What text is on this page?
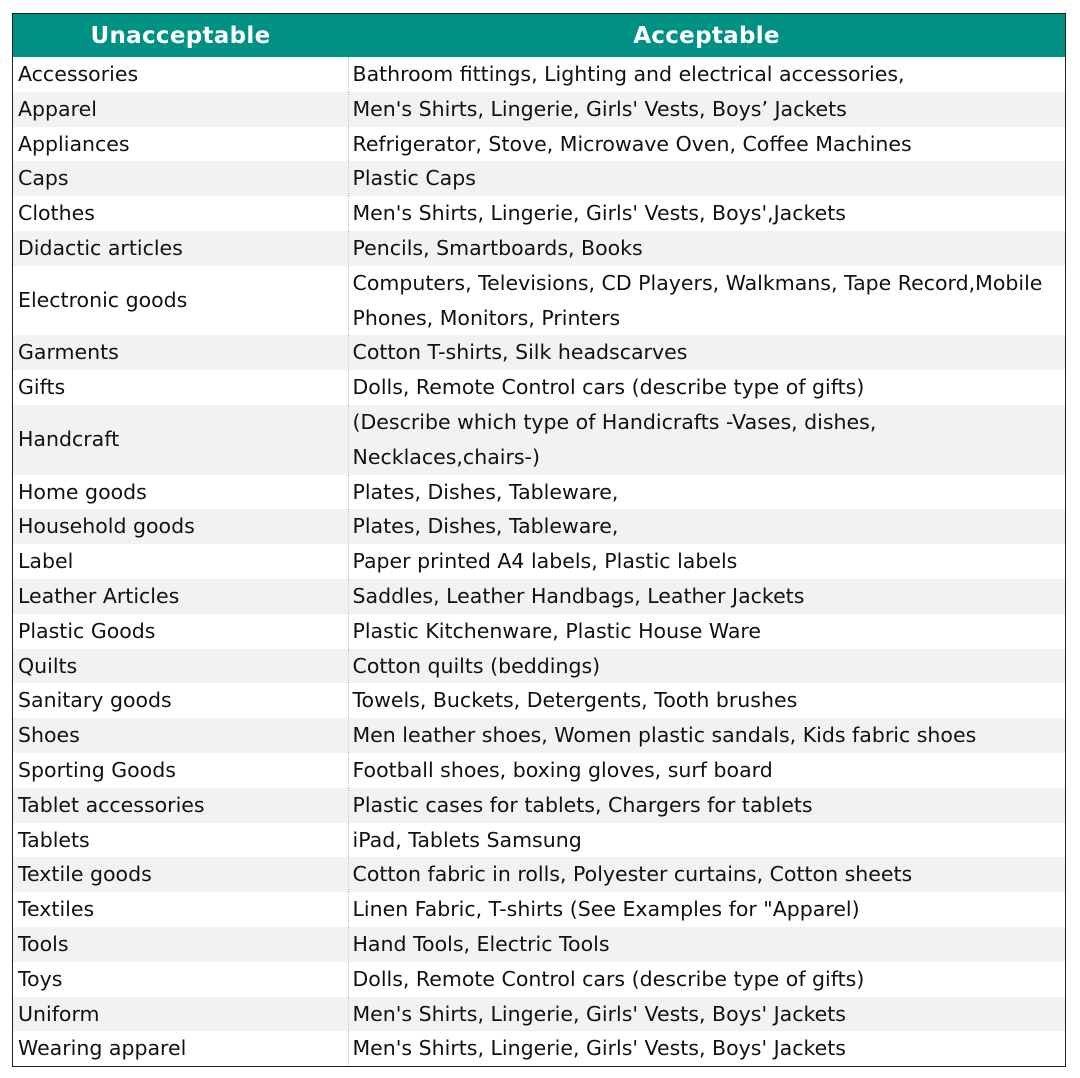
Unacceptable	Acceptable
Accessories	Bathroom fittings, Lighting and electrical accessories,
Apparel	Men's Shirts, Lingerie, Girls' Vests, Boys’ Jackets
Appliances	Refrigerator, Stove, Microwave Oven, Coffee Machines
Caps	Plastic Caps
Clothes	Men's Shirts, Lingerie, Girls' Vests, Boys',Jackets
Didactic articles	Pencils, Smartboards, Books
Electronic goods	Computers, Televisions, CD Players, Walkmans, Tape Record,Mobile Phones, Monitors, Printers
Garments	Cotton T-shirts, Silk headscarves
Gifts	Dolls, Remote Control cars (describe type of gifts)
Handcraft	(Describe which type of Handicrafts -Vases, dishes, Necklaces,chairs-)
Home goods	Plates, Dishes, Tableware,
Household goods	Plates, Dishes, Tableware,
Label	Paper printed A4 labels, Plastic labels
Leather Articles	Saddles, Leather Handbags, Leather Jackets
Plastic Goods	Plastic Kitchenware, Plastic House Ware
Quilts	Cotton quilts (beddings)
Sanitary goods	Towels, Buckets, Detergents, Tooth brushes
Shoes	Men leather shoes, Women plastic sandals, Kids fabric shoes
Sporting Goods	Football shoes, boxing gloves, surf board
Tablet accessories	Plastic cases for tablets, Chargers for tablets
Tablets	iPad, Tablets Samsung
Textile goods	Cotton fabric in rolls, Polyester curtains, Cotton sheets
Textiles	Linen Fabric, T-shirts (See Examples for "Apparel)
Tools	Hand Tools, Electric Tools
Toys	Dolls, Remote Control cars (describe type of gifts)
Uniform	Men's Shirts, Lingerie, Girls' Vests, Boys' Jackets
Wearing apparel	Men's Shirts, Lingerie, Girls' Vests, Boys' Jackets
